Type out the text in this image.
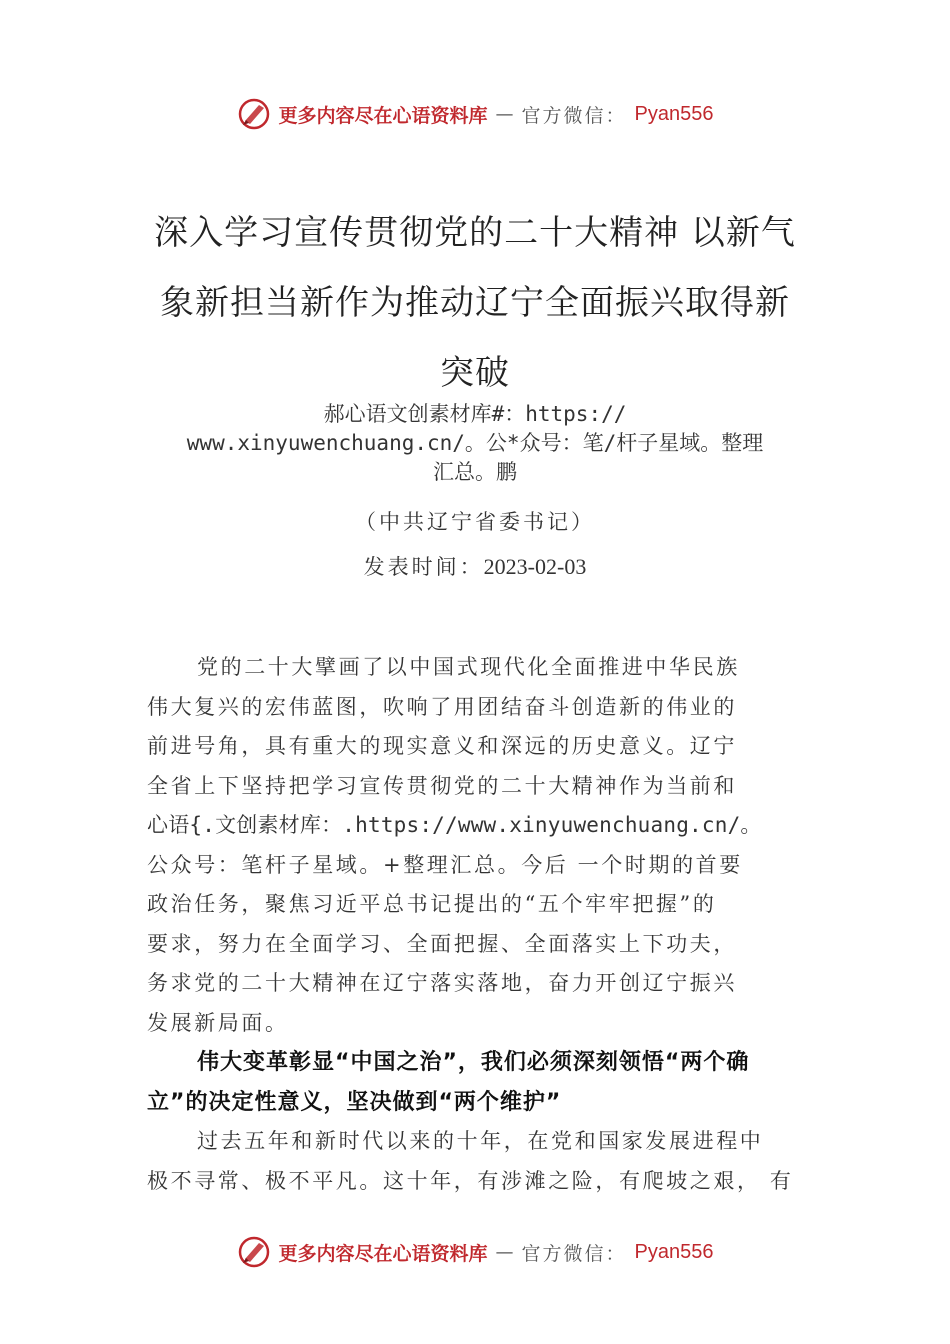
更多内容尽在心语资料库 — 官方微信： Pyan556
深入学习宣传贯彻党的二十大精神 以新气
象新担当新作为推动辽宁全面振兴取得新
突破
郝心语文创素材库#：https://
www.xinyuwenchuang.cn/。公*众号：笔/杆子星域。整理
汇总。鹏
（中共辽宁省委书记）
发表时间：2023-02-03
党的二十大擘画了以中国式现代化全面推进中华民族
伟大复兴的宏伟蓝图，吹响了用团结奋斗创造新的伟业的
前进号角，具有重大的现实意义和深远的历史意义。辽宁
全省上下坚持把学习宣传贯彻党的二十大精神作为当前和
心语{.文创素材库：.https://www.xinyuwenchuang.cn/。
公众号：笔杆子星域。+整理汇总。今后 一个时期的首要
政治任务，聚焦习近平总书记提出的“五个牢牢把握”的
要求，努力在全面学习、全面把握、全面落实上下功夫，
务求党的二十大精神在辽宁落实落地，奋力开创辽宁振兴
发展新局面。
伟大变革彰显“中国之治”，我们必须深刻领悟“两个确
立”的决定性意义，坚决做到“两个维护”
过去五年和新时代以来的十年，在党和国家发展进程中
极不寻常、极不平凡。这十年，有涉滩之险，有爬坡之艰， 有
更多内容尽在心语资料库 — 官方微信： Pyan556
